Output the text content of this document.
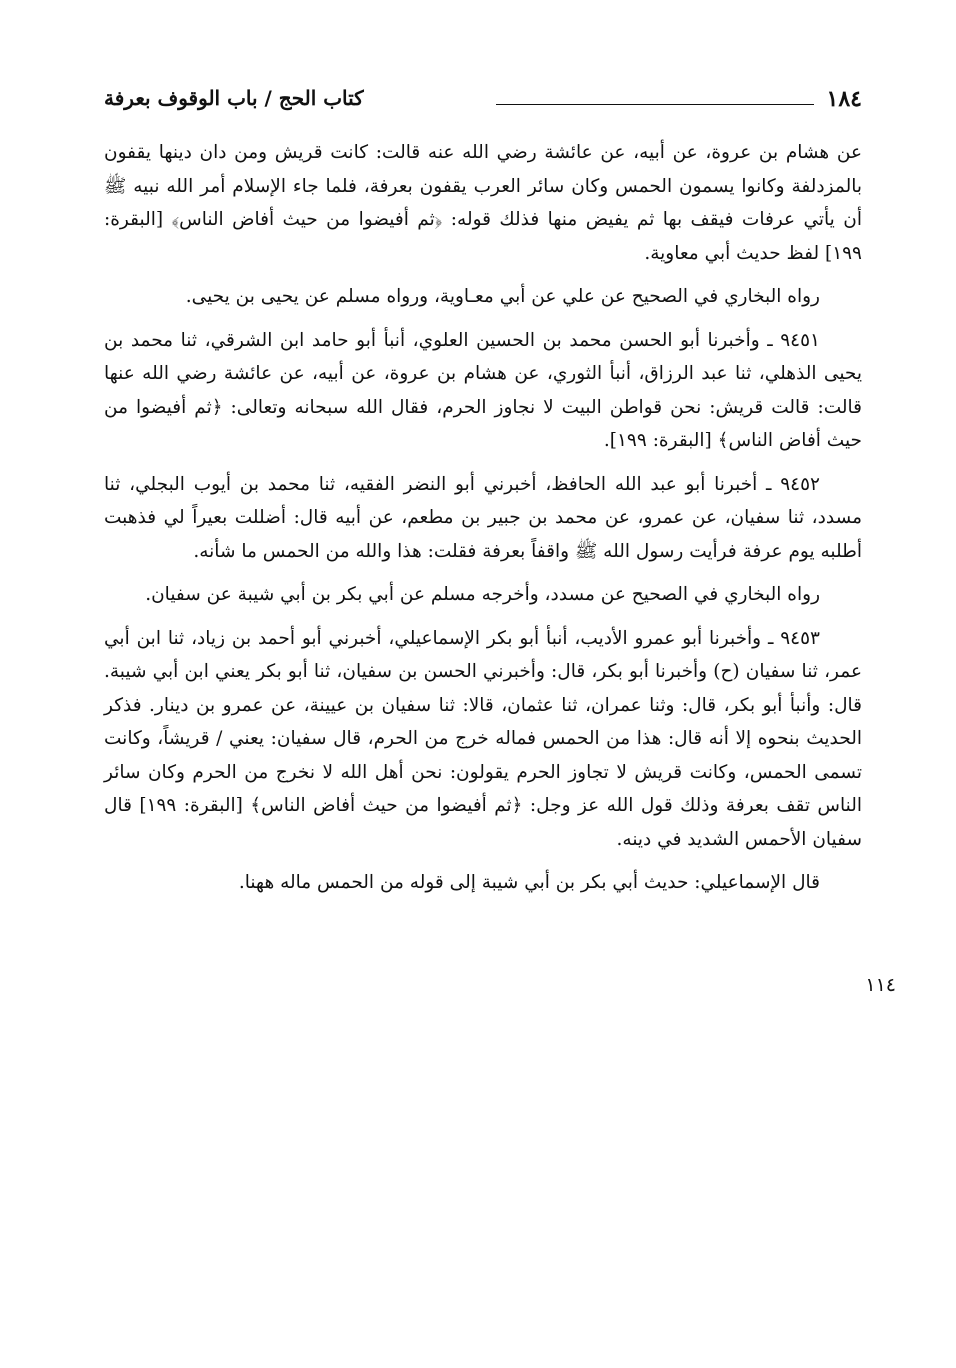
١٨٤
كتاب الحج / باب الوقوف بعرفة
١١٤

عن هشام بن عروة، عن أبيه، عن عائشة رضي الله عنه قالت: كانت قريش ومن دان دينها يقفون بالمزدلفة وكانوا يسمون الحمس وكان سائر العرب يقفون بعرفة، فلما جاء الإسلام أمر الله نبيه ﷺ أن يأتي عرفات فيقف بها ثم يفيض منها فذلك قوله: ﴿ثم أفيضوا من حيث أفاض الناس﴾ [البقرة: ١٩٩] لفظ حديث أبي معاوية.

رواه البخاري في الصحيح عن علي عن أبي معـاوية، ورواه مسلم عن يحيى بن يحيى.

٩٤٥١ ـ وأخبرنا أبو الحسن محمد بن الحسين العلوي، أنبأ أبو حامد ابن الشرقي، ثنا محمد بن يحيى الذهلي، ثنا عبد الرزاق، أنبأ الثوري، عن هشام بن عروة، عن أبيه، عن عائشة رضي الله عنها قالت: قالت قريش: نحن قواطن البيت لا نجاوز الحرم، فقال الله سبحانه وتعالى: ﴿ثم أفيضوا من حيث أفاض الناس﴾ [البقرة: ١٩٩].

٩٤٥٢ ـ أخبرنا أبو عبد الله الحافظ، أخبرني أبو النضر الفقيه، ثنا محمد بن أيوب البجلي، ثنا مسدد، ثنا سفيان، عن عمرو، عن محمد بن جبير بن مطعم، عن أبيه قال: أضللت بعيراً لي فذهبت أطلبه يوم عرفة فرأيت رسول الله ﷺ واقفاً بعرفة فقلت: هذا والله من الحمس ما شأنه.

رواه البخاري في الصحيح عن مسدد، وأخرجه مسلم عن أبي بكر بن أبي شيبة عن سفيان.

٩٤٥٣ ـ وأخبرنا أبو عمرو الأديب، أنبأ أبو بكر الإسماعيلي، أخبرني أبو أحمد بن زياد، ثنا ابن أبي عمر، ثنا سفيان (ح) وأخبرنا أبو بكر، قال: وأخبرني الحسن بن سفيان، ثنا أبو بكر يعني ابن أبي شيبة. قال: وأنبأ أبو بكر، قال: وثنا عمران، ثنا عثمان، قالا: ثنا سفيان بن عيينة، عن عمرو بن دينار. فذكر الحديث بنحوه إلا أنه قال: هذا من الحمس فماله خرج من الحرم، قال سفيان: يعني / قريشاً، وكانت تسمى الحمس، وكانت قريش لا تجاوز الحرم يقولون: نحن أهل الله لا نخرج من الحرم وكان سائر الناس تقف بعرفة وذلك قول الله عز وجل: ﴿ثم أفيضوا من حيث أفاض الناس﴾ [البقرة: ١٩٩] قال سفيان الأحمس الشديد في دينه.

قال الإسماعيلي: حديث أبي بكر بن أبي شيبة إلى قوله من الحمس ماله ههنا.
